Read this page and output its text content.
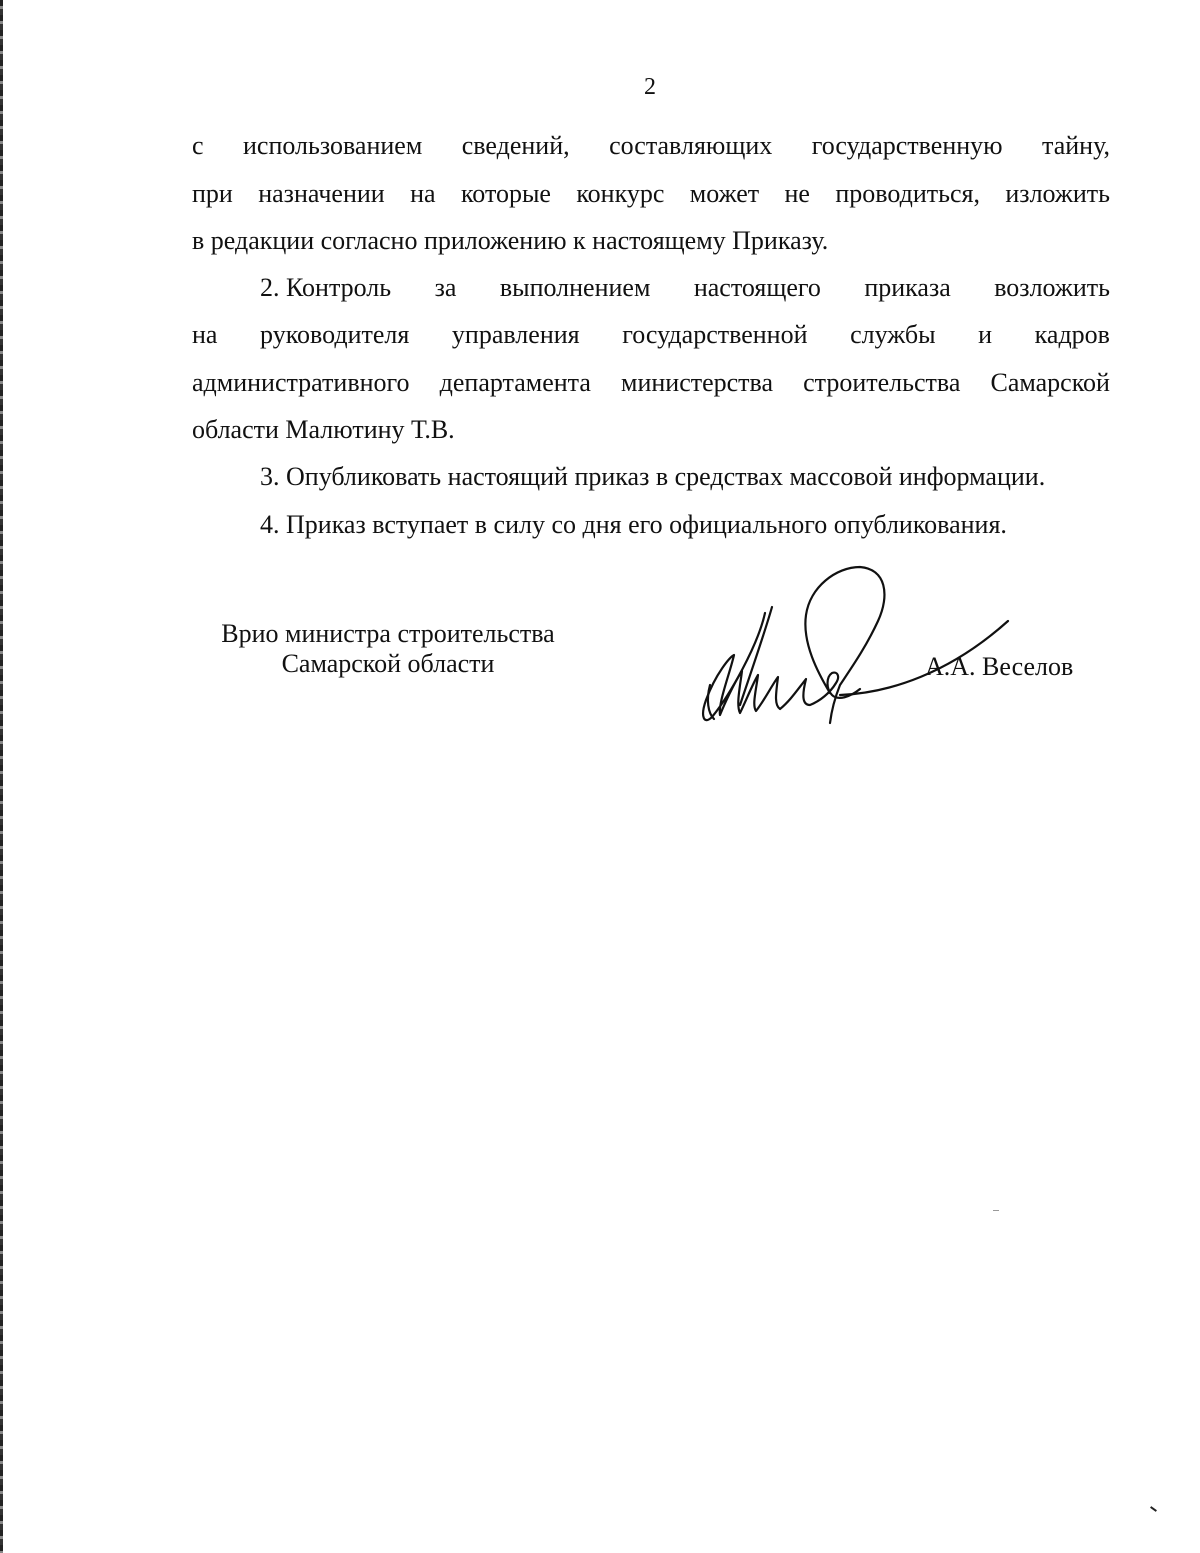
2
с использованием сведений, составляющих государственную тайну,
при назначении на которые конкурс может не проводиться, изложить
в редакции согласно приложению к настоящему Приказу.
2. Контроль за выполнением настоящего приказа возложить
на руководителя управления государственной службы и кадров
административного департамента министерства строительства Самарской
области Малютину Т.В.
3. Опубликовать настоящий приказ в средствах массовой информации.
4. Приказ вступает в силу со дня его официального опубликования.
Врио министра строительства
Самарской области	А.А. Веселов
